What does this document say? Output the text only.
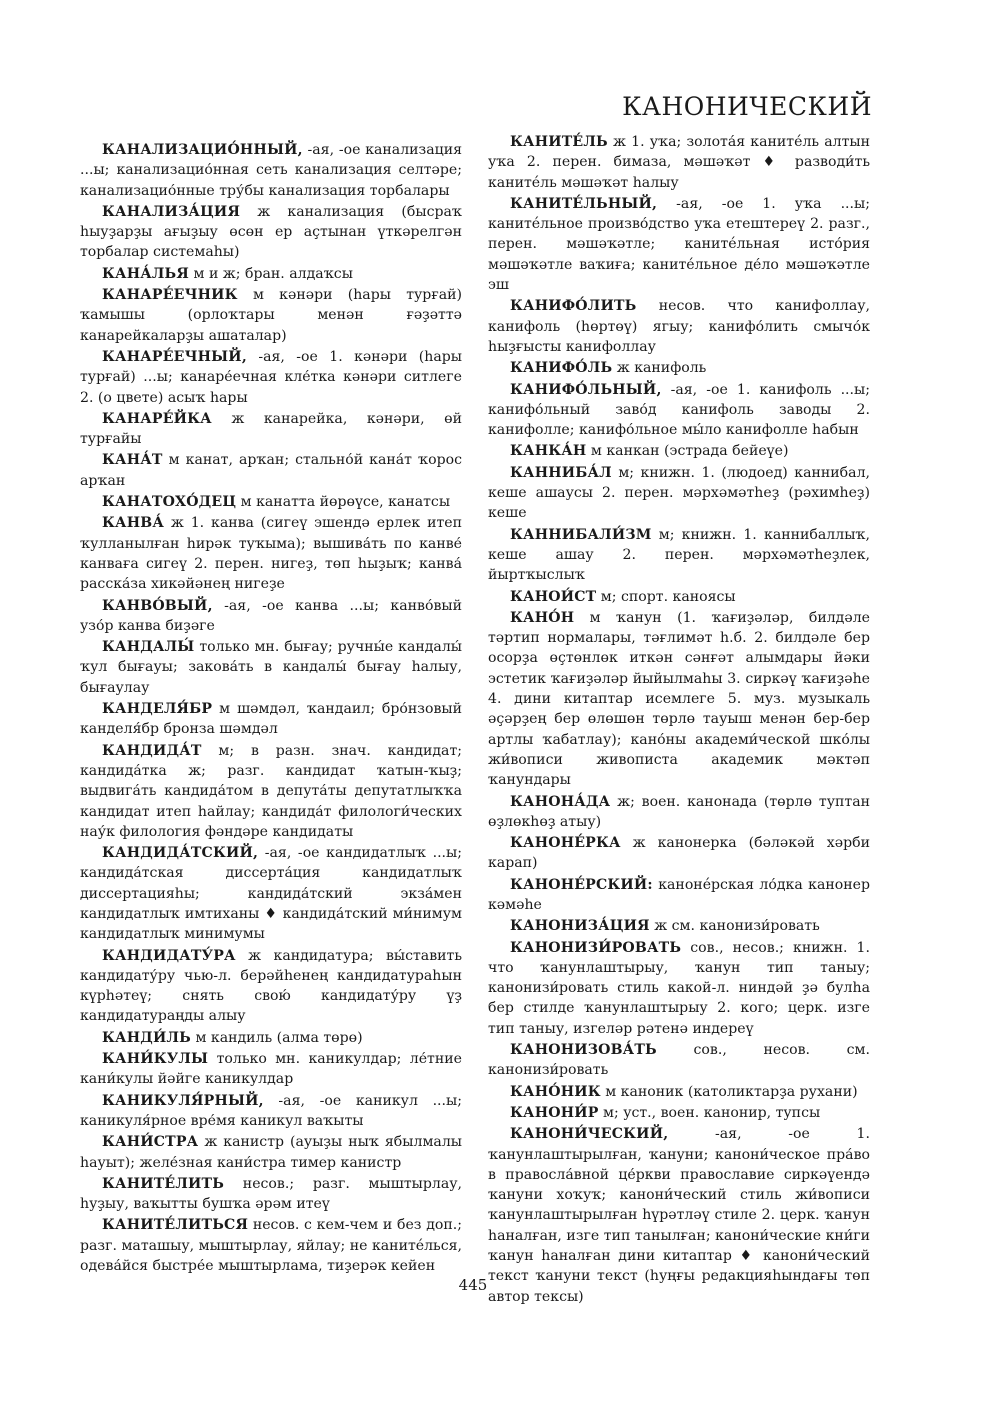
КАНОНИЧЕСКИЙ

КАНАЛИЗАЦИО́ННЫЙ, -ая, -ое канализация ...ы; канализацио́нная сеть канализация селтәре; канализацио́нные тру́бы канализация торбалары

КАНАЛИЗА́ЦИЯ ж канализация (бысраҡ һыуҙарҙы ағыҙыу өсөн ер аҫтынан үткәрелгән торбалар системаһы)

КАНА́ЛЬЯ м и ж; бран. алдаҡсы

КАНАРЕ́ЕЧНИК м кәнәри (һары турғай) ҡамышы (орлоҡтары менән ғәҙәттә канарейкаларҙы ашаталар)

КАНАРЕ́ЕЧНЫЙ, -ая, -ое 1. кәнәри (һары турғай) ...ы; канаре́ечная кле́тка кәнәри ситлеге 2. (о цвете) асыҡ һары

КАНАРЕ́ЙКА ж канарейка, кәнәри, өй турғайы

КАНА́Т м канат, арҡан; стально́й кана́т ҡорос арҡан

КАНАТОХО́ДЕЦ м канатта йөрөүсе, канатсы

КАНВА́ ж 1. канва (сигеү эшендә ерлек итеп ҡулланылған һирәк туҡыма); вышива́ть по канве́ канваға сигеү 2. перен. нигеҙ, төп һыҙыҡ; канва́ расска́за хикәйәнең нигеҙе

КАНВО́ВЫЙ, -ая, -ое канва ...ы; канво́вый узо́р канва биҙәге

КАНДАЛЫ́ только мн. бығау; ручны́е кандалы́ ҡул бығауы; закова́ть в кандалы́ бығау һалыу, бығаулау

КАНДЕЛЯ́БР м шәмдәл, ҡандаил; бро́нзовый канделя́бр бронза шәмдәл

КАНДИДА́Т м; в разн. знач. кандидат; кандида́тка ж; разг. кандидат ҡатын-ҡыҙ; выдвига́ть кандида́том в депута́ты депутатлыҡҡа кандидат итеп һайлау; кандида́т филологи́ческих нау́к филология фәндәре кандидаты

КАНДИДА́ТСКИЙ, -ая, -ое кандидатлыҡ ...ы; кандида́тская диссерта́ция кандидатлыҡ диссертацияһы; кандида́тский экза́мен кандидатлыҡ имтиханы ♦ кандида́тский ми́нимум кандидатлыҡ минимумы

КАНДИДАТУ́РА ж кандидатура; вы́ставить кандидату́ру чью-л. берәйһенең кандидатураһын күрһәтеү; снять свою́ кандидату́ру үҙ кандидатураңды алыу

КАНДИ́ЛЬ м кандиль (алма төрө)

КАНИ́КУЛЫ только мн. каникулдар; ле́тние кани́кулы йәйге каникулдар

КАНИКУЛЯ́РНЫЙ, -ая, -ое каникул ...ы; каникуля́рное вре́мя каникул ваҡыты

КАНИ́СТРА ж канистр (ауыҙы ныҡ ябылмалы һауыт); желе́зная кани́стра тимер канистр

КАНИТЕ́ЛИТЬ несов.; разг. мыштырлау, һуҙыу, ваҡытты бушҡа әрәм итеү

КАНИТЕ́ЛИТЬСЯ несов. с кем-чем и без доп.; разг. маташыу, мыштырлау, яйлау; не канитéльcя, одева́йся быстре́е мыштырлама, тиҙерәк кейен

КАНИТЕ́ЛЬ ж 1. уҡа; золота́я канитéль алтын уҡа 2. перен. бимаза, мәшәҡәт ♦ разводи́ть канитéль мәшәҡәт һалыу

КАНИТЕ́ЛЬНЫЙ, -ая, -ое 1. уҡа ...ы; канитéльное произво́дство уҡа етештереү 2. разг., перен. мәшәҡәтле; канитéльная исто́рия мәшәҡәтле ваҡиға; канитéльное де́ло мәшәҡәтле эш

КАНИФО́ЛИТЬ несов. что канифоллау, канифоль (һөртөү) ягыу; канифо́лить смычо́к һыҙғысты канифоллау

КАНИФО́ЛЬ ж канифоль

КАНИФО́ЛЬНЫЙ, -ая, -ое 1. канифоль ...ы; канифо́льный заво́д канифоль заводы 2. канифолле; канифо́льное мы́ло канифолле һабын

КАНКА́Н м канкан (эстрада бейеүе)

КАННИБА́Л м; книжн. 1. (людоед) каннибал, кеше ашаусы 2. перен. мәрхәмәтһеҙ (рәхимһеҙ) кеше

КАННИБАЛИ́ЗМ м; книжн. 1. каннибаллыҡ, кеше ашау 2. перен. мәрхәмәтһеҙлек, йыртҡыслыҡ

КАНОИ́СТ м; спорт. каноясы

КАНО́Н м ҡанун (1. ҡағиҙәләр, билдәле тәртип нормалары, тәғлимәт һ.б. 2. билдәле бер осорҙа өҫтөнлөк иткән сәнғәт алымдары йәки эстетик ҡағиҙәләр йыйылмаһы 3. сиркәү ҡағиҙәһе 4. дини китаптар исемлеге 5. муз. музыкаль әҫәрҙең бер өлөшөн төрлө тауыш менән бер-бер артлы ҡабатлау); кано́ны академи́ческой шко́лы жи́вописи живописта академик мәктәп ҡанундары

КАНОНА́ДА ж; воен. канонада (төрлө туптан өҙлөкһөҙ атыу)

КАНОНЕ́РКА ж канонерка (бәләкәй хәрби карап)

КАНОНЕ́РСКИЙ: канонéрская ло́дка канонер кәмәһе

КАНОНИЗА́ЦИЯ ж см. канонизи́ровать

КАНОНИЗИ́РОВАТЬ сов., несов.; книжн. 1. что ҡанунлаштырыу, ҡанун тип таныу; канонизи́ровать стиль какой-л. ниндәй ҙә булһа бер стилде ҡанунлаштырыу 2. кого; церк. изге тип таныу, изгеләр рәтенә индереү

КАНОНИЗОВА́ТЬ сов., несов. см. канонизи́ровать

КАНО́НИК м каноник (католиктарҙа рухани)

КАНОНИ́Р м; уст., воен. канонир, тупсы

КАНОНИ́ЧЕСКИЙ, -ая, -ое 1. ҡанунлаштырылған, ҡануни; канони́ческое пра́во в правосла́вной це́ркви православие сиркәүендә ҡануни хоҡуҡ; канони́ческий стиль жи́вописи ҡанунлаштырылған һүрәтләү стиле 2. церк. ҡанун һаналған, изге тип танылған; канони́ческие кни́ги ҡанун һаналған дини китаптар ♦ канони́ческий текст ҡануни текст (һуңғы редакцияһындағы төп автор тексы)

445
